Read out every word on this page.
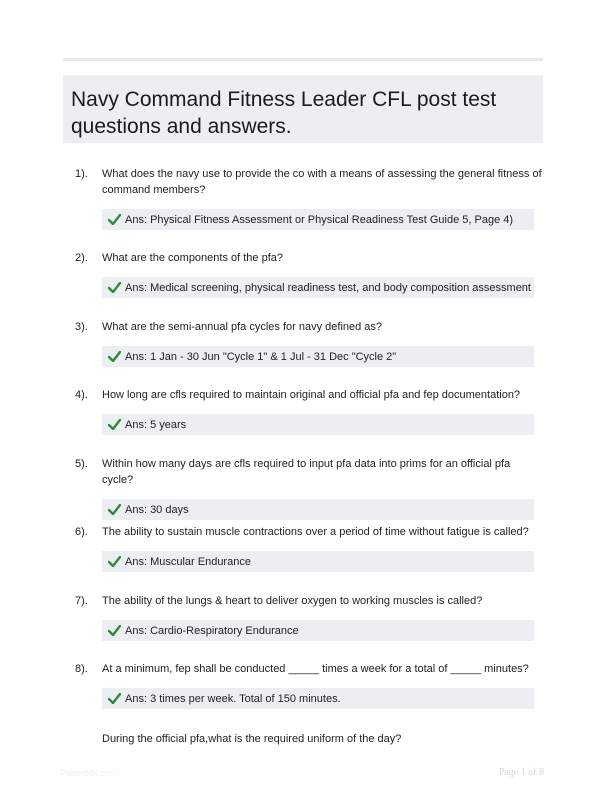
Navy Command Fitness Leader CFL post test questions and answers.
1). What does the navy use to provide the co with a means of assessing the general fitness of command members?
Ans: Physical Fitness Assessment or Physical Readiness Test Guide 5, Page 4)
2). What are the components of the pfa?
Ans: Medical screening, physical readiness test, and body composition assessment
3). What are the semi-annual pfa cycles for navy defined as?
Ans: 1 Jan - 30 Jun "Cycle 1" & 1 Jul - 31 Dec "Cycle 2"
4). How long are cfls required to maintain original and official pfa and fep documentation?
Ans: 5 years
5). Within how many days are cfls required to input pfa data into prims for an official pfa cycle?
Ans: 30 days
6). The ability to sustain muscle contractions over a period of time without fatigue is called?
Ans: Muscular Endurance
7). The ability of the lungs & heart to deliver oxygen to working muscles is called?
Ans: Cardio-Respiratory Endurance
8). At a minimum, fep shall be conducted _____ times a week for a total of _____ minutes?
Ans: 3 times per week. Total of 150 minutes.
During the official pfa,what is the required uniform of the day?
Paperbibl.com	Page 1 of 8
